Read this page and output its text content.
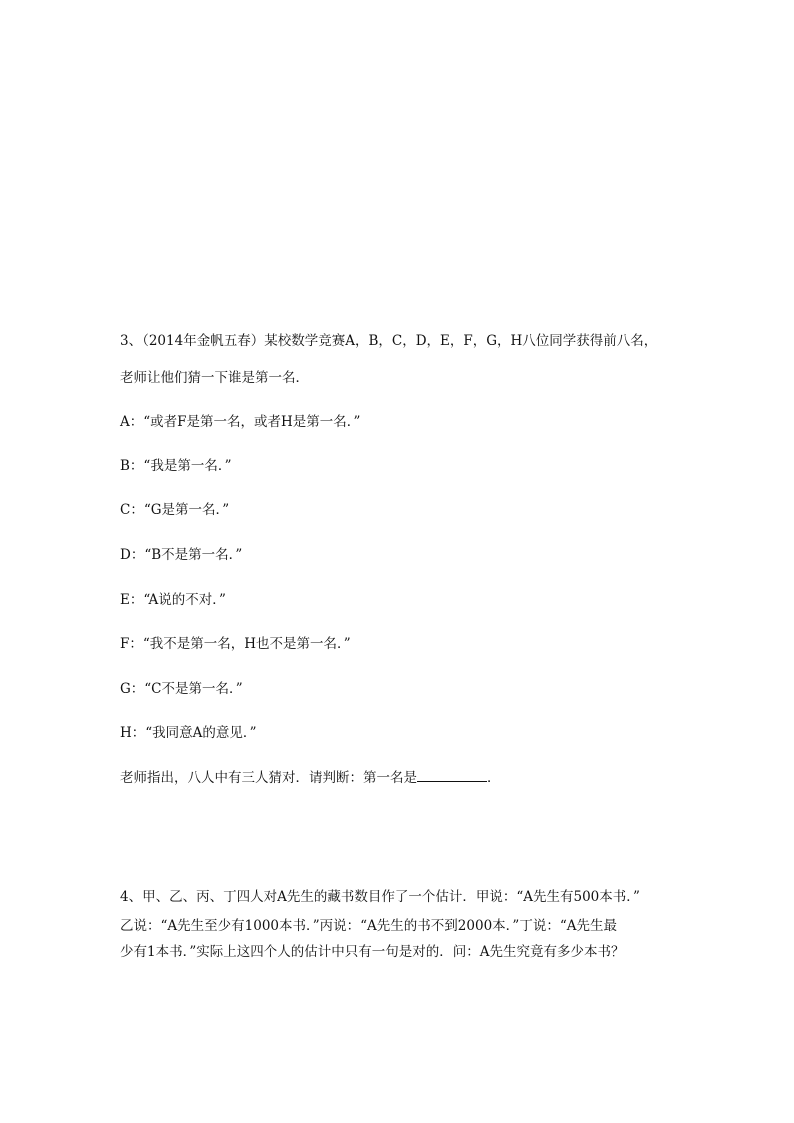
3、（2014年金帆五春）某校数学竞赛A，B，C，D，E，F，G，H八位同学获得前八名，
老师让他们猜一下谁是第一名．
A：“或者F是第一名，或者H是第一名．”
B：“我是第一名．”
C：“G是第一名．”
D：“B不是第一名．”
E：“A说的不对．”
F：“我不是第一名，H也不是第一名．”
G：“C不是第一名．”
H：“我同意A的意见．”
老师指出，八人中有三人猜对．请判断：第一名是	．
4、甲、乙、丙、丁四人对A先生的藏书数目作了一个估计．甲说：“A先生有500本书．”
乙说：“A先生至少有1000本书．”丙说：“A先生的书不到2000本．”丁说：“A先生最
少有1本书．”实际上这四个人的估计中只有一句是对的．问：A先生究竟有多少本书？
